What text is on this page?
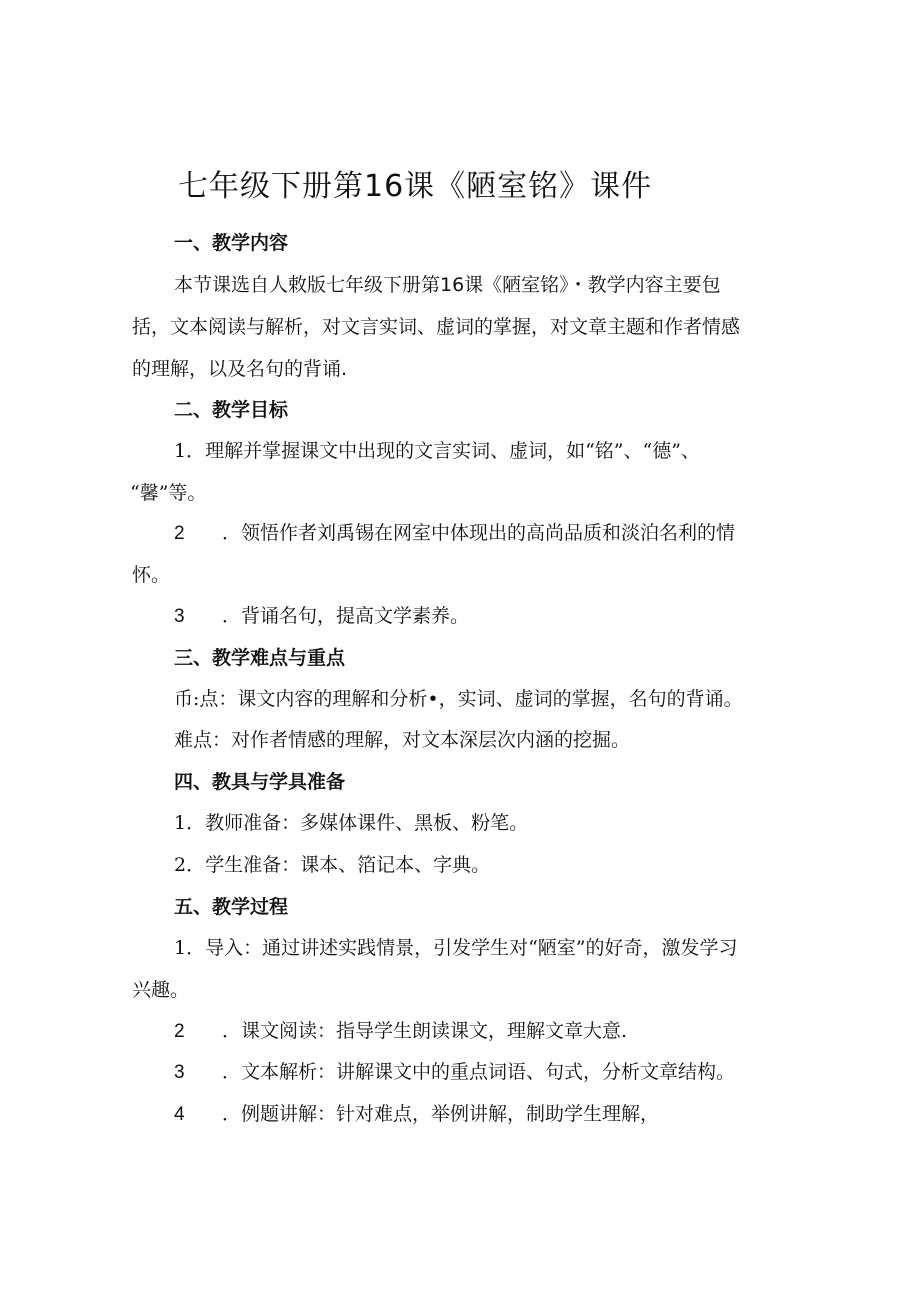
七年级下册第16课《陋室铭》课件
一、教学内容

本节课选自人敕版七年级下册第16课《陋室铭》・教学内容主要包

括，文本阅读与解析，对文言实词、虚词的掌握，对文章主题和作者情感

的理解，以及名句的背诵.

二、教学目标

1．理解并掌握课文中出现的文言实词、虚词，如“铭”、“德”、

“馨”等。

2 ．领悟作者刘禹锡在网室中体现出的高尚品质和淡泊名利的情

怀。

3 ．背诵名句，提高文学素养。

三、教学难点与重点

币:点：课文内容的理解和分析•，实词、虚词的掌握，名句的背诵。

难点：对作者情感的理解，对文本深层次内涵的挖掘。

四、教具与学具准备

1．教师准备：多媒体课件、黑板、粉笔。

2．学生准备：课本、箔记本、字典。

五、教学过程

1．导入：通过讲述实践情景，引发学生对“陋室”的好奇，激发学习

兴趣。

2 ．课文阅读：指导学生朗读课文，理解文章大意.

3 ．文本解析：讲解课文中的重点词语、句式，分析文章结构。

4 ．例题讲解：针对难点，举例讲解，制助学生理解，
